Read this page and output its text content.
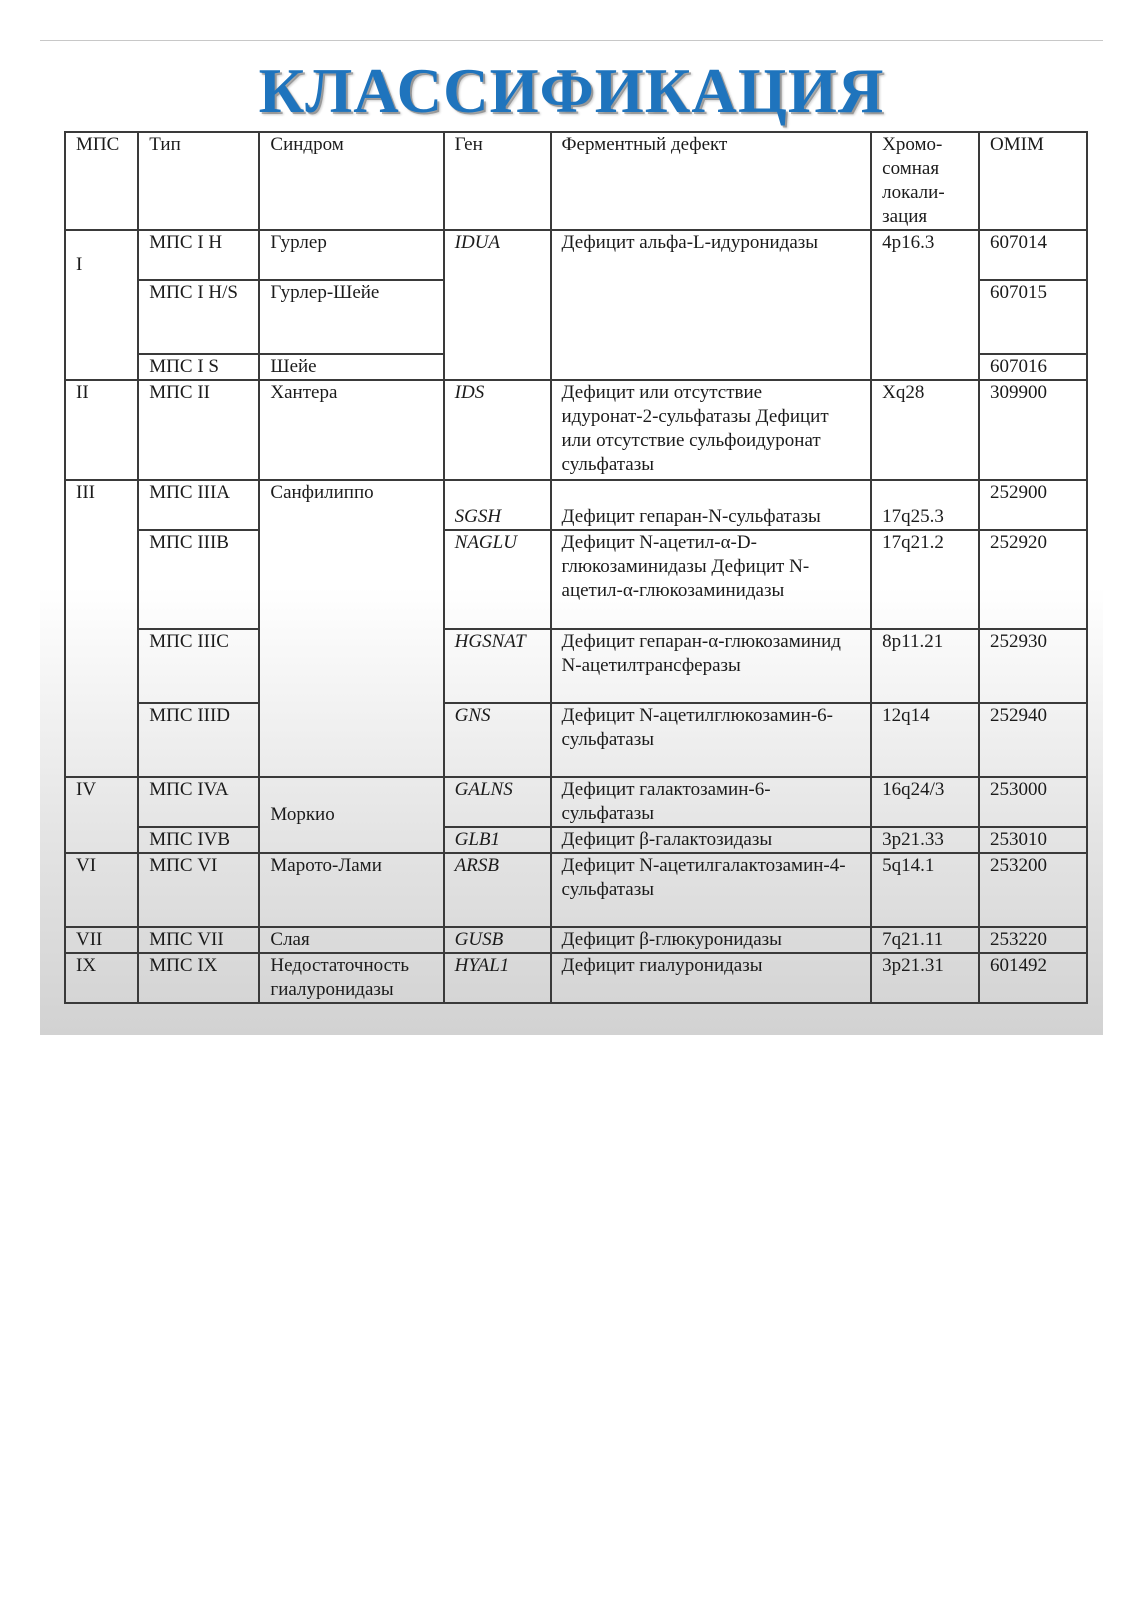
КЛАССИФИКАЦИЯ
МПС	Тип	Синдром	Ген	Ферментный дефект	Хромо-сомная локали-зация	OMIM
I	МПС I H	Гурлер	IDUA	Дефицит альфа-L-идуронидазы	4p16.3	607014
	МПС I H/S	Гурлер-Шейе				607015
	МПС I S	Шейе				607016
II	МПС II	Хантера	IDS	Дефицит или отсутствие идуронат-2-сульфатазы Дефицит или отсутствие сульфоидуронат сульфатазы	Xq28	309900
III	МПС IIIA	Санфилиппо	SGSH	Дефицит гепаран-N-сульфатазы	17q25.3	252900
	МПС IIIB		NAGLU	Дефицит N-ацетил-α-D-глюкозаминидазы Дефицит N-ацетил-α-глюкозаминидазы	17q21.2	252920
	МПС IIIC		HGSNAT	Дефицит гепаран-α-глюкозаминид N-ацетилтрансферазы	8p11.21	252930
	МПС IIID		GNS	Дефицит N-ацетилглюкозамин-6- сульфатазы	12q14	252940
IV	МПС IVA	Моркио	GALNS	Дефицит галактозамин-6-сульфатазы	16q24/3	253000
	МПС IVB		GLB1	Дефицит β-галактозидазы	3p21.33	253010
VI	МПС VI	Марото-Лами	ARSB	Дефицит N-ацетилгалактозамин-4-сульфатазы	5q14.1	253200
VII	МПС VII	Слая	GUSB	Дефицит β-глюкуронидазы	7q21.11	253220
IX	МПС IX	Недостаточность гиалуронидазы	HYAL1	Дефицит гиалуронидазы	3p21.31	601492
